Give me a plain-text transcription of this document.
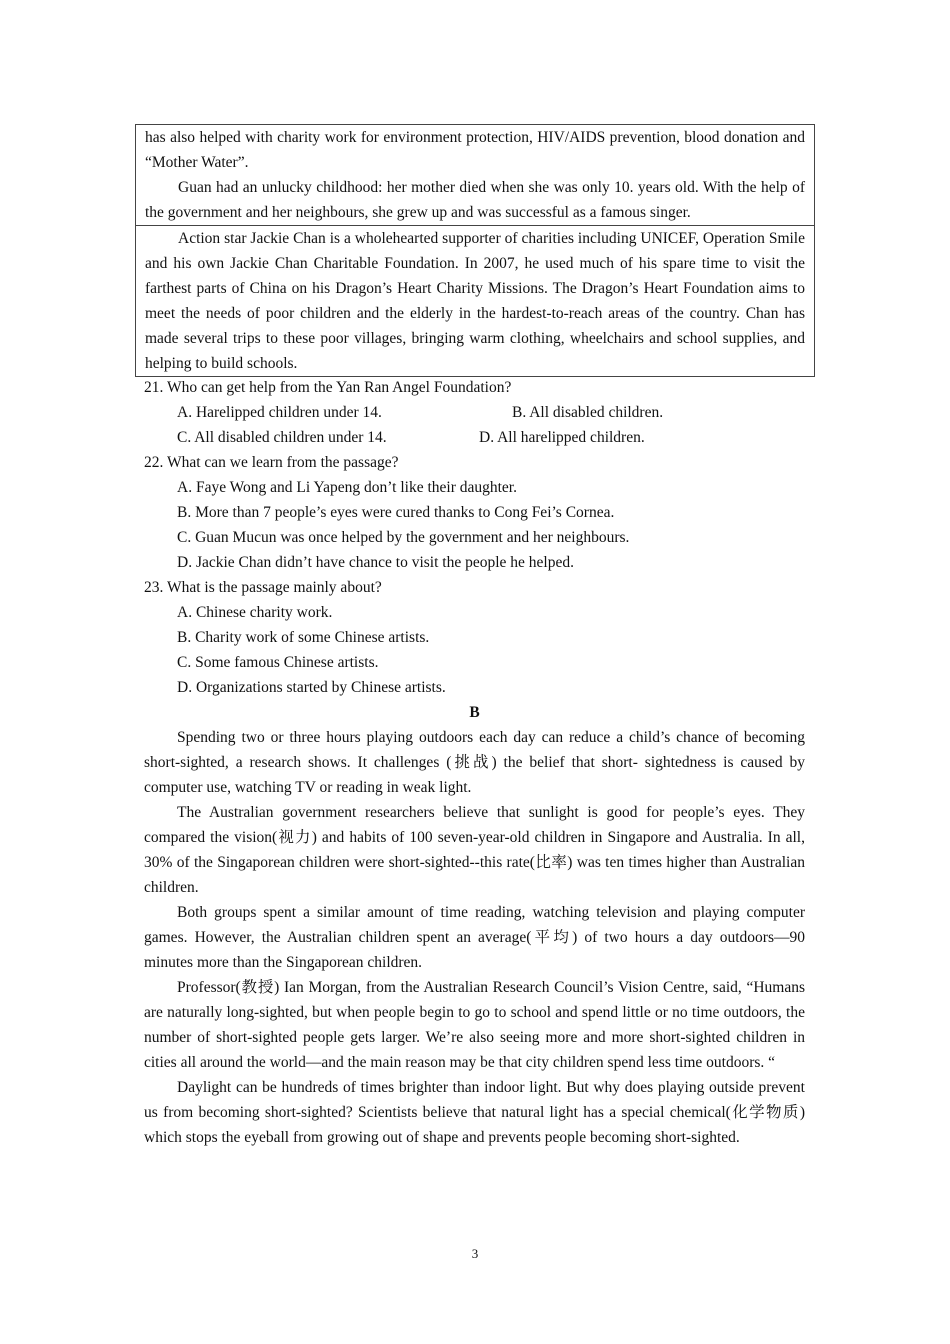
has also helped with charity work for environment protection, HIV/AIDS prevention, blood donation and “Mother Water”.

Guan had an unlucky childhood: her mother died when she was only 10. years old. With the help of the government and her neighbours, she grew up and was successful as a famous singer.

Action star Jackie Chan is a wholehearted supporter of charities including UNICEF, Operation Smile and his own Jackie Chan Charitable Foundation. In 2007, he used much of his spare time to visit the farthest parts of China on his Dragon’s Heart Charity Missions. The Dragon’s Heart Foundation aims to meet the needs of poor children and the elderly in the hardest-to-reach areas of the country. Chan has made several trips to these poor villages, bringing warm clothing, wheelchairs and school supplies, and helping to build schools.

21. Who can get help from the Yan Ran Angel Foundation?
A. Harelipped children under 14.	B. All disabled children.
C. All disabled children under 14.	D. All harelipped children.
22. What can we learn from the passage?
A. Faye Wong and Li Yapeng don’t like their daughter.
B. More than 7 people’s eyes were cured thanks to Cong Fei’s Cornea.
C. Guan Mucun was once helped by the government and her neighbours.
D. Jackie Chan didn’t have chance to visit the people he helped.
23. What is the passage mainly about?
A. Chinese charity work.
B. Charity work of some Chinese artists.
C. Some famous Chinese artists.
D. Organizations started by Chinese artists.
B

Spending two or three hours playing outdoors each day can reduce a child’s chance of becoming short-sighted, a research shows. It challenges (挑战) the belief that short- sightedness is caused by computer use, watching TV or reading in weak light.

The Australian government researchers believe that sunlight is good for people’s eyes. They compared the vision(视力) and habits of 100 seven-year-old children in Singapore and Australia. In all, 30% of the Singaporean children were short-sighted--this rate(比率) was ten times higher than Australian children.

Both groups spent a similar amount of time reading, watching television and playing computer games. However, the Australian children spent an average(平均) of two hours a day outdoors—90 minutes more than the Singaporean children.

Professor(教授) Ian Morgan, from the Australian Research Council’s Vision Centre, said, “Humans are naturally long-sighted, but when people begin to go to school and spend little or no time outdoors, the number of short-sighted people gets larger. We’re also seeing more and more short-sighted children in cities all around the world—and the main reason may be that city children spend less time outdoors. “

Daylight can be hundreds of times brighter than indoor light. But why does playing outside prevent us from becoming short-sighted? Scientists believe that natural light has a special chemical(化学物质) which stops the eyeball from growing out of shape and prevents people becoming short-sighted.

3
